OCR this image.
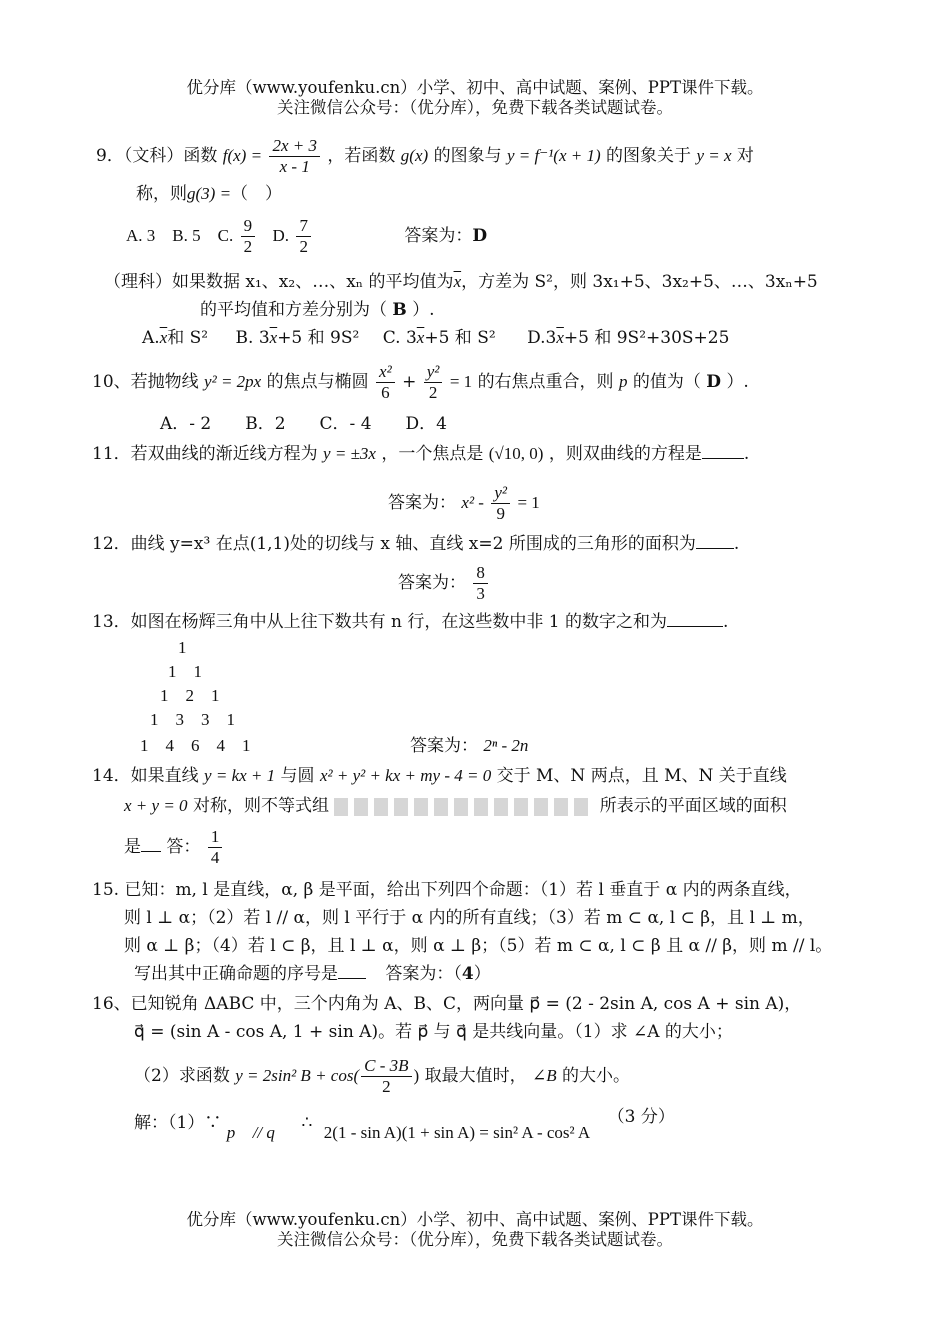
优分库（www.youfenku.cn）小学、初中、高中试题、案例、PPT课件下载。
关注微信公众号：（优分库），免费下载各类试题试卷。
9．（文科）函数 $f(x) = \frac{2x + 3}{x - 1}$ ，若函数 g(x) 的图象与 y = f⁻¹(x + 1) 的图象关于 y = x 对
称，则g(3) =（　）
A. 3　B. 5　C. $\frac{9}{2} D$. $\frac{7}{2}$	答案为：D
（理科）如果数据 x₁、x₂、…、xₙ 的平均值为$\overline{x}$，方差为 S²，则 3x₁+5、3x₂+5、…、3xₙ+5
的平均值和方差分别为（ B ）.
$A.\overline{x}$和 S² B. $3\overline{x}+5$ 和 9S² C. $3\overline{x}+5$ 和 S² $D.3\overline{x}+5$ 和 9S²+30S+25
10、若抛物线 y² = 2px 的焦点与椭圆 $\frac{\text{x²}}{6} + \frac{\text{y²}}{2} = 1$ 的右焦点重合，则 p 的值为（ D ）.
A．- 2　　B．2　　C．- 4　　D．4
11．若双曲线的渐近线方程为 y = ±3x ，一个焦点是 (√10, 0) ，则双曲线的方程是 .
答案为： $x^2 - \frac{\text{y²}}{9} = 1$
12．曲线 y=x³ 在点(1,1)处的切线与 x 轴、直线 x=2 所围成的三角形的面积为 .
答案为： $\frac{8}{3}$
13．如图在杨辉三角中从上往下数共有 n 行，在这些数中非 1 的数字之和为	.
1
1　1
1　2　1
1　3　3　1
1　4　6　4　1	答案为： 2ⁿ - 2n
14．如果直线 y = kx + 1 与圆 x² + y² + kx + my - 4 = 0 交于 M、N 两点，且 M、N 关于直线
x + y = 0 对称，则不等式组	所表示的平面区域的面积
是 答： $\frac{1}{4}$
15. 已知：m, l 是直线，α, β 是平面，给出下列四个命题：（1）若 l 垂直于 α 内的两条直线，
则 l ⊥ α；（2）若 l // α，则 l 平行于 α 内的所有直线；（3）若 m ⊂ α, l ⊂ β，且 l ⊥ m，
则 α ⊥ β；（4）若 l ⊂ β，且 l ⊥ α，则 α ⊥ β；（5）若 m ⊂ α, l ⊂ β 且 α // β，则 m // l。
写出其中正确命题的序号是	答案为：（4）
16、已知锐角 ΔABC 中，三个内角为 A、B、C，两向量 p⃗ = (2 - 2sin A, cos A + sin A)，
q⃗ = (sin A - cos A, 1 + sin A)。若 p⃗ 与 q⃗ 是共线向量。（1）求 ∠A 的大小；
（2）求函数 y = 2sin² $B + \cos( \frac{C - 3B}{2}$ ) 取最大值时， ∠B 的大小。
解：（1）∵ p⃗ // q⃗ ∴ 2(1 - sin A)(1 + sin A) = sin² A - cos² A （3 分）
优分库（www.youfenku.cn）小学、初中、高中试题、案例、PPT课件下载。
关注微信公众号：（优分库），免费下载各类试题试卷。
